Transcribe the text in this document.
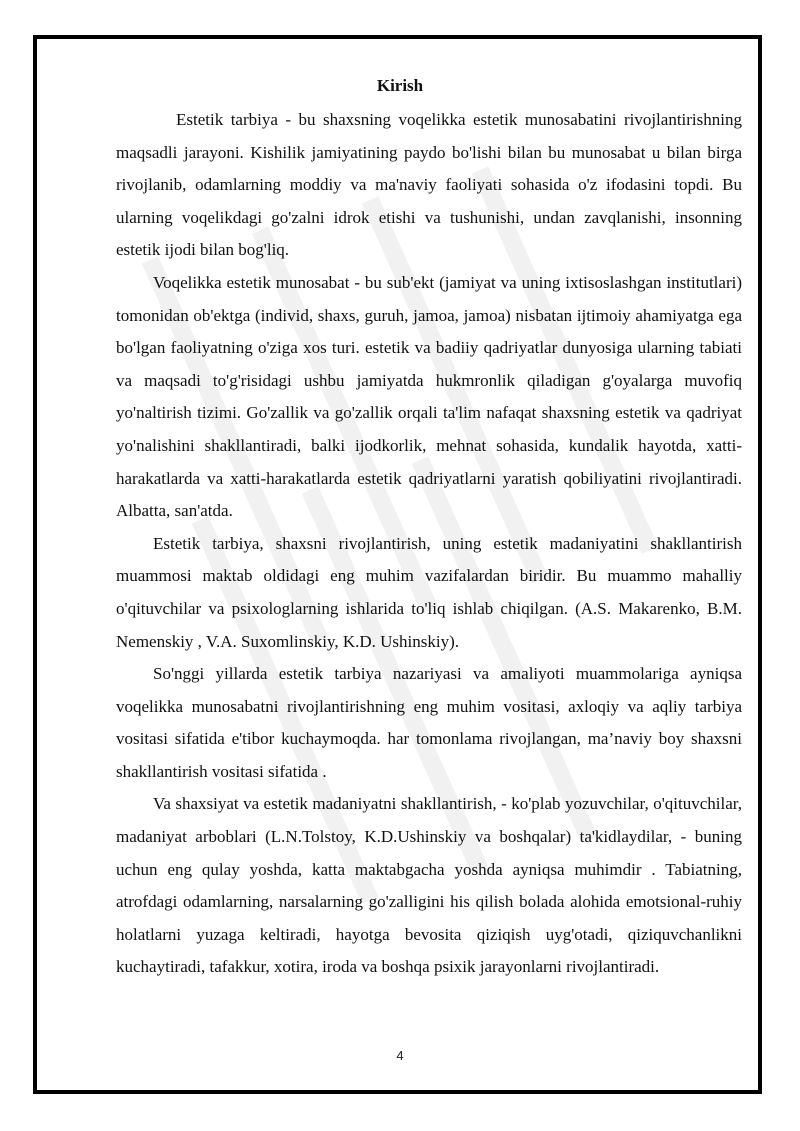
Kirish

Estetik tarbiya - bu shaxsning voqelikka estetik munosabatini rivojlantirishning maqsadli jarayoni. Kishilik jamiyatining paydo bo'lishi bilan bu munosabat u bilan birga rivojlanib, odamlarning moddiy va ma'naviy faoliyati sohasida o'z ifodasini topdi. Bu ularning voqelikdagi go'zalni idrok etishi va tushunishi, undan zavqlanishi, insonning estetik ijodi bilan bog'liq.

Voqelikka estetik munosabat - bu sub'ekt (jamiyat va uning ixtisoslashgan institutlari) tomonidan ob'ektga (individ, shaxs, guruh, jamoa, jamoa) nisbatan ijtimoiy ahamiyatga ega bo'lgan faoliyatning o'ziga xos turi. estetik va badiiy qadriyatlar dunyosiga ularning tabiati va maqsadi to'g'risidagi ushbu jamiyatda hukmronlik qiladigan g'oyalarga muvofiq yo'naltirish tizimi. Go'zallik va go'zallik orqali ta'lim nafaqat shaxsning estetik va qadriyat yo'nalishini shakllantiradi, balki ijodkorlik, mehnat sohasida, kundalik hayotda, xatti-harakatlarda va xatti-harakatlarda estetik qadriyatlarni yaratish qobiliyatini rivojlantiradi. Albatta, san'atda.

Estetik tarbiya, shaxsni rivojlantirish, uning estetik madaniyatini shakllantirish muammosi maktab oldidagi eng muhim vazifalardan biridir. Bu muammo mahalliy o'qituvchilar va psixologlarning ishlarida to'liq ishlab chiqilgan. (A.S. Makarenko, B.M. Nemenskiy , V.A. Suxomlinskiy, K.D. Ushinskiy).

So'nggi yillarda estetik tarbiya nazariyasi va amaliyoti muammolariga ayniqsa voqelikka munosabatni rivojlantirishning eng muhim vositasi, axloqiy va aqliy tarbiya vositasi sifatida e'tibor kuchaymoqda. har tomonlama rivojlangan, ma’naviy boy shaxsni shakllantirish vositasi sifatida .

Va shaxsiyat va estetik madaniyatni shakllantirish, - ko'plab yozuvchilar, o'qituvchilar, madaniyat arboblari (L.N.Tolstoy, K.D.Ushinskiy va boshqalar) ta'kidlaydilar, - buning uchun eng qulay yoshda, katta maktabgacha yoshda ayniqsa muhimdir . Tabiatning, atrofdagi odamlarning, narsalarning go'zalligini his qilish bolada alohida emotsional-ruhiy holatlarni yuzaga keltiradi, hayotga bevosita qiziqish uyg'otadi, qiziquvchanlikni kuchaytiradi, tafakkur, xotira, iroda va boshqa psixik jarayonlarni rivojlantiradi.

4
